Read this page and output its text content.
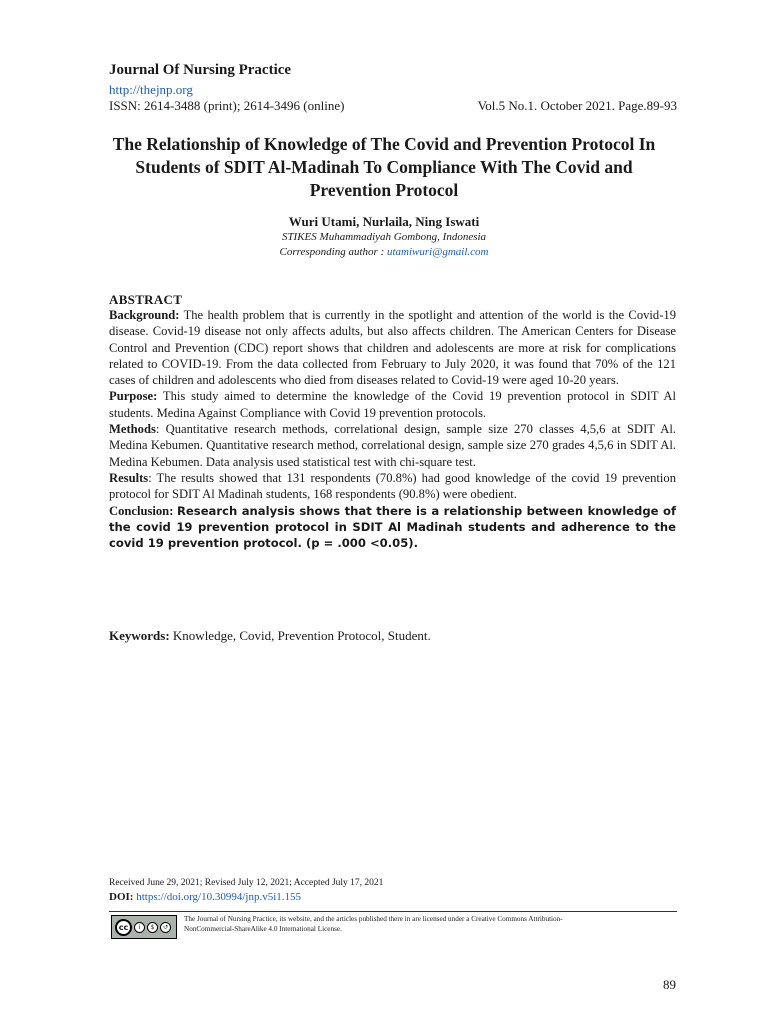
Journal Of Nursing Practice
http://thejnp.org
ISSN: 2614-3488 (print); 2614-3496 (online)	Vol.5 No.1. October 2021. Page.89-93
The Relationship of Knowledge of The Covid and Prevention Protocol In Students of SDIT Al-Madinah To Compliance With The Covid and Prevention Protocol
Wuri Utami, Nurlaila, Ning Iswati
STIKES Muhammadiyah Gombong, Indonesia
Corresponding author : utamiwuri@gmail.com
ABSTRACT

Background: The health problem that is currently in the spotlight and attention of the world is the Covid-19 disease. Covid-19 disease not only affects adults, but also affects children. The American Centers for Disease Control and Prevention (CDC) report shows that children and adolescents are more at risk for complications related to COVID-19. From the data collected from February to July 2020, it was found that 70% of the 121 cases of children and adolescents who died from diseases related to Covid-19 were aged 10-20 years.

Purpose: This study aimed to determine the knowledge of the Covid 19 prevention protocol in SDIT Al students. Medina Against Compliance with Covid 19 prevention protocols.

Methods: Quantitative research methods, correlational design, sample size 270 classes 4,5,6 at SDIT Al. Medina Kebumen. Quantitative research method, correlational design, sample size 270 grades 4,5,6 in SDIT Al. Medina Kebumen. Data analysis used statistical test with chi-square test.

Results: The results showed that 131 respondents (70.8%) had good knowledge of the covid 19 prevention protocol for SDIT Al Madinah students, 168 respondents (90.8%) were obedient.

Conclusion: Research analysis shows that there is a relationship between knowledge of the covid 19 prevention protocol in SDIT Al Madinah students and adherence to the covid 19 prevention protocol. (p = .000 <0.05).

Keywords: Knowledge, Covid, Prevention Protocol, Student.
Received June 29, 2021; Revised July 12, 2021; Accepted July 17, 2021
DOI: https://doi.org/10.30994/jnp.v5i1.155
cc	i	$	↺
The Journal of Nursing Practice, its website, and the articles published there in are licensed under a Creative Commons Attribution-
NonCommercial-ShareAlike 4.0 International License.
89
